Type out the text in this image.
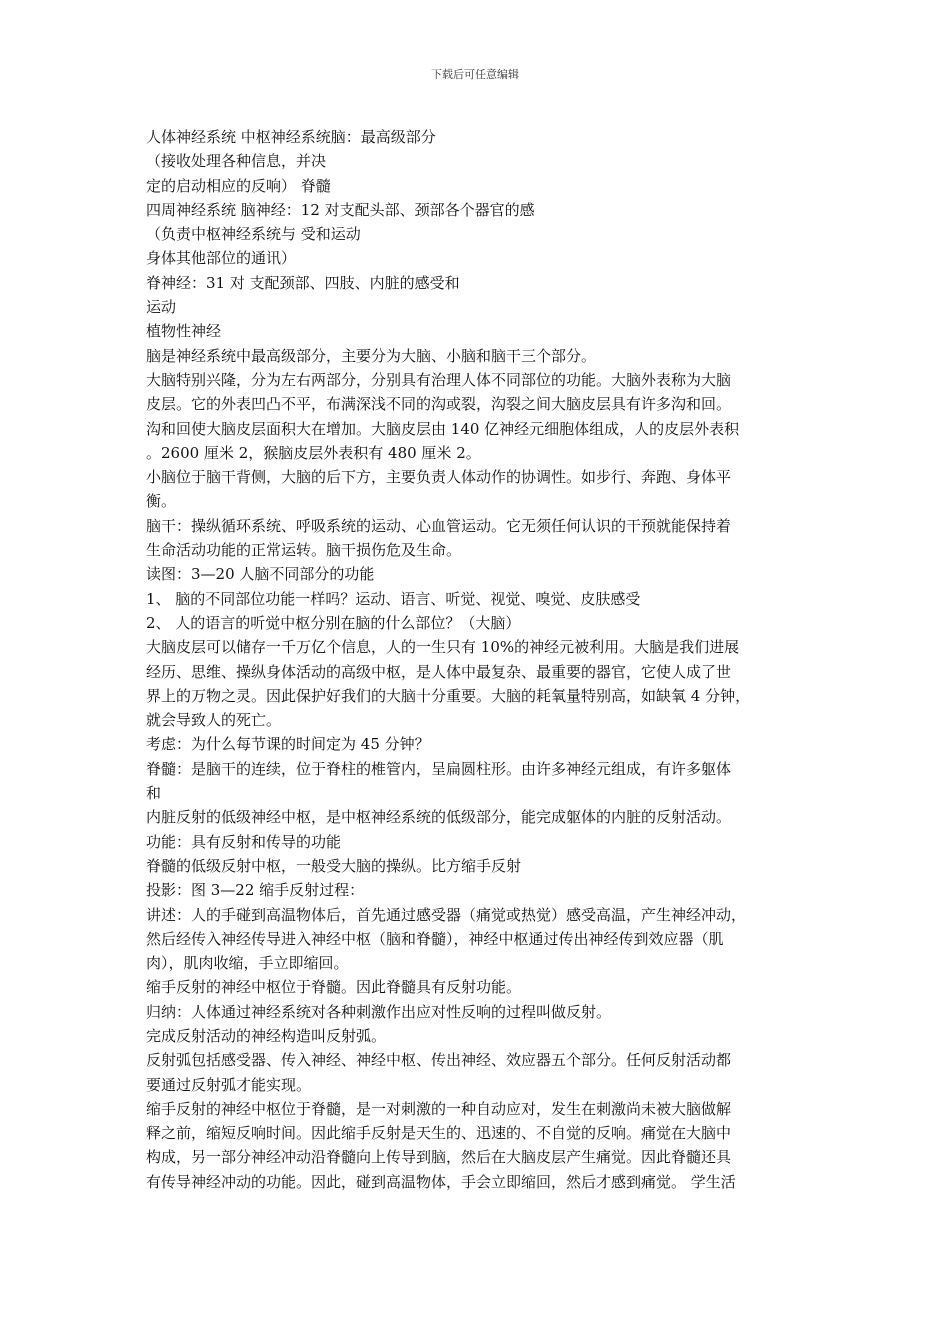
下载后可任意编辑
人体神经系统 中枢神经系统脑：最高级部分
（接收处理各种信息，并决
定的启动相应的反响） 脊髓
四周神经系统 脑神经：12 对支配头部、颈部各个器官的感
（负责中枢神经系统与 受和运动
身体其他部位的通讯）
脊神经：31 对 支配颈部、四肢、内脏的感受和
运动
植物性神经
脑是神经系统中最高级部分，主要分为大脑、小脑和脑干三个部分。
大脑特别兴隆，分为左右两部分，分别具有治理人体不同部位的功能。大脑外表称为大脑
皮层。它的外表凹凸不平，布满深浅不同的沟或裂，沟裂之间大脑皮层具有许多沟和回。
沟和回使大脑皮层面积大在增加。大脑皮层由 140 亿神经元细胞体组成，人的皮层外表积
。2600 厘米 2，猴脑皮层外表积有 480 厘米 2。
小脑位于脑干背侧，大脑的后下方，主要负责人体动作的协调性。如步行、奔跑、身体平
衡。
脑干：操纵循环系统、呼吸系统的运动、心血管运动。它无须任何认识的干预就能保持着
生命活动功能的正常运转。脑干损伤危及生命。
读图：3—20 人脑不同部分的功能
1、 脑的不同部位功能一样吗？运动、语言、听觉、视觉、嗅觉、皮肤感受
2、 人的语言的听觉中枢分别在脑的什么部位？（大脑）
大脑皮层可以储存一千万亿个信息，人的一生只有 10%的神经元被利用。大脑是我们进展
经历、思维、操纵身体活动的高级中枢，是人体中最复杂、最重要的器官，它使人成了世
界上的万物之灵。因此保护好我们的大脑十分重要。大脑的耗氧量特别高，如缺氧 4 分钟，
就会导致人的死亡。
考虑：为什么每节课的时间定为 45 分钟？
脊髓：是脑干的连续，位于脊柱的椎管内，呈扁圆柱形。由许多神经元组成，有许多躯体
和
内脏反射的低级神经中枢，是中枢神经系统的低级部分，能完成躯体的内脏的反射活动。
功能：具有反射和传导的功能
脊髓的低级反射中枢，一般受大脑的操纵。比方缩手反射
投影：图 3—22 缩手反射过程：
讲述：人的手碰到高温物体后，首先通过感受器（痛觉或热觉）感受高温，产生神经冲动，
然后经传入神经传导进入神经中枢（脑和脊髓），神经中枢通过传出神经传到效应器（肌
肉），肌肉收缩，手立即缩回。
缩手反射的神经中枢位于脊髓。因此脊髓具有反射功能。
归纳：人体通过神经系统对各种刺激作出应对性反响的过程叫做反射。
完成反射活动的神经构造叫反射弧。
反射弧包括感受器、传入神经、神经中枢、传出神经、效应器五个部分。任何反射活动都
要通过反射弧才能实现。
缩手反射的神经中枢位于脊髓，是一对刺激的一种自动应对，发生在刺激尚未被大脑做解
释之前，缩短反响时间。因此缩手反射是天生的、迅速的、不自觉的反响。痛觉在大脑中
构成，另一部分神经冲动沿脊髓向上传导到脑，然后在大脑皮层产生痛觉。因此脊髓还具
有传导神经冲动的功能。因此，碰到高温物体，手会立即缩回，然后才感到痛觉。 学生活
